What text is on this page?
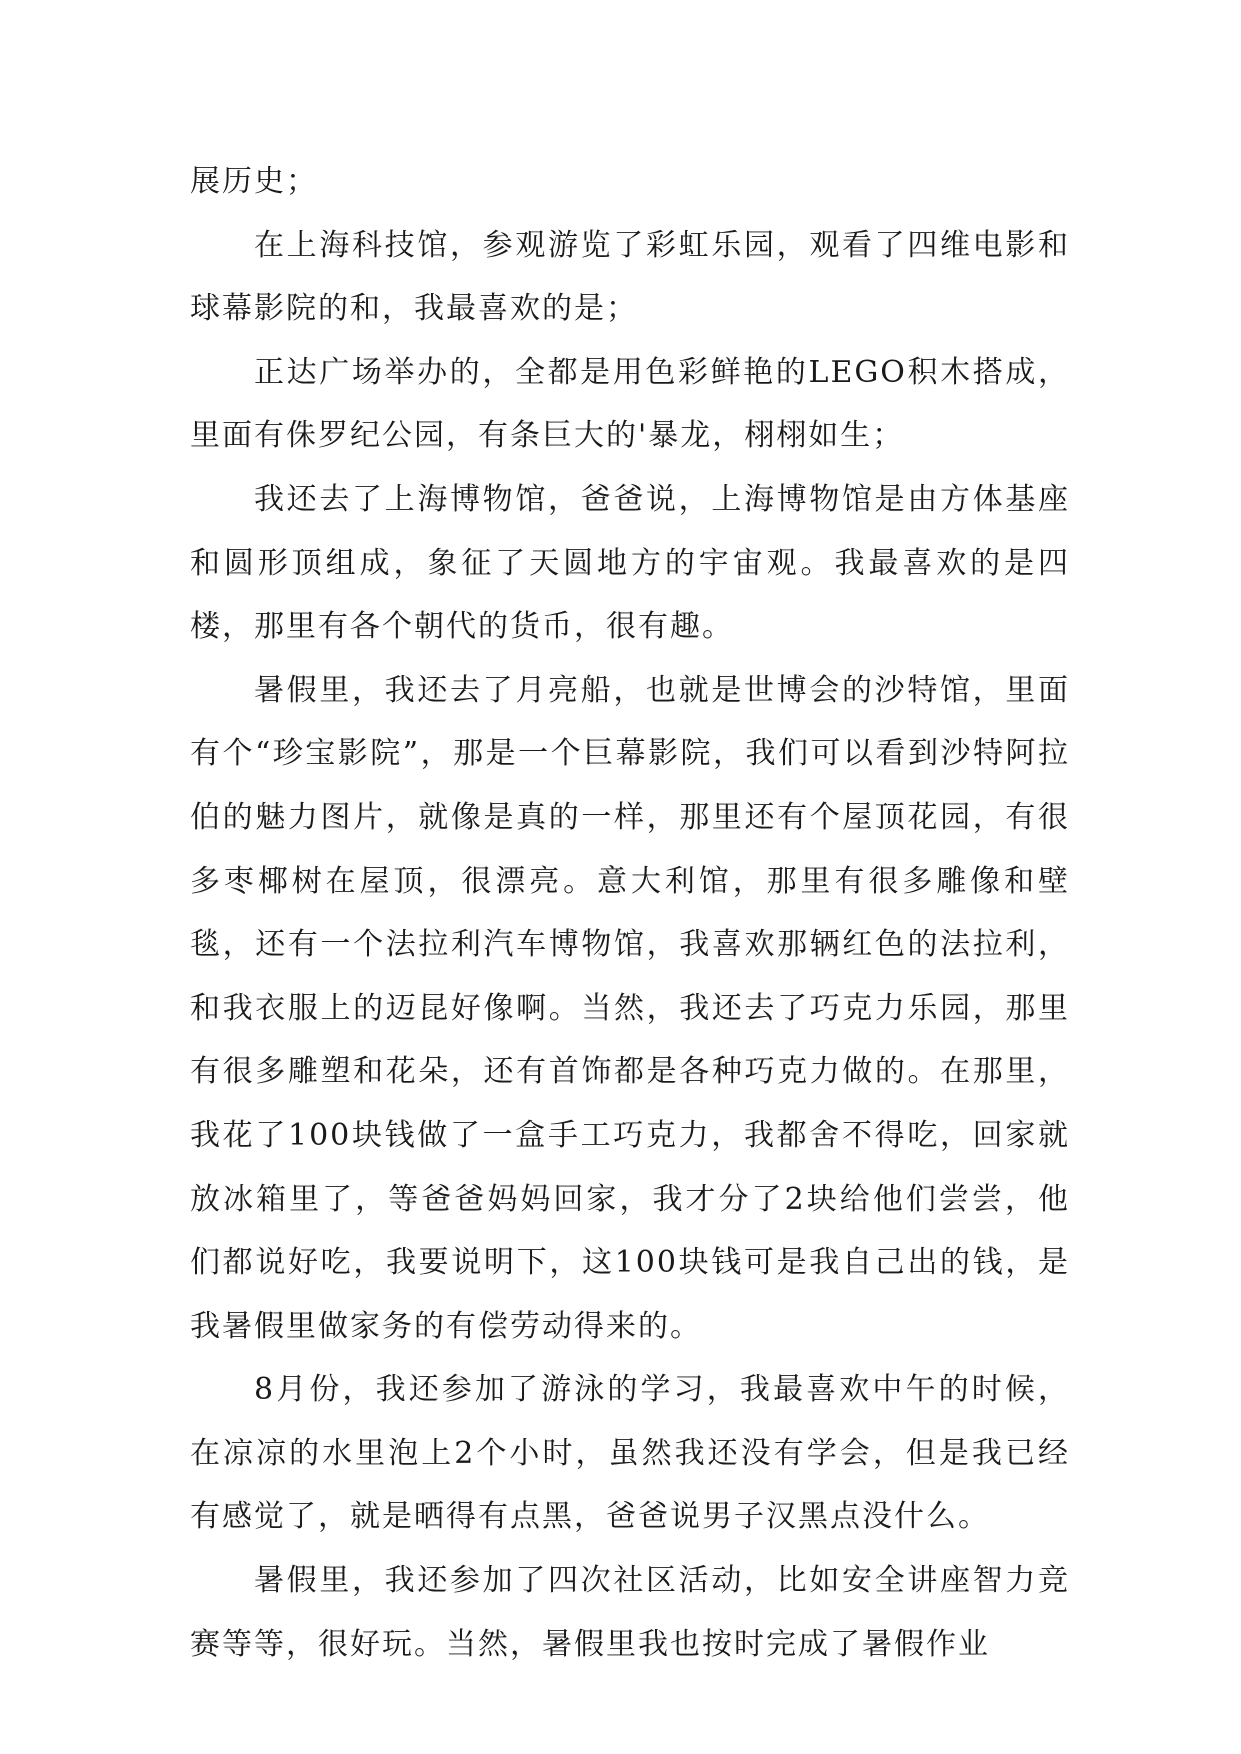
展历史；

在上海科技馆，参观游览了彩虹乐园，观看了四维电影和球幕影院的和，我最喜欢的是；

正达广场举办的，全都是用色彩鲜艳的LEGO积木搭成，里面有侏罗纪公园，有条巨大的'暴龙，栩栩如生；

我还去了上海博物馆，爸爸说，上海博物馆是由方体基座和圆形顶组成，象征了天圆地方的宇宙观。我最喜欢的是四楼，那里有各个朝代的货币，很有趣。

暑假里，我还去了月亮船，也就是世博会的沙特馆，里面有个“珍宝影院”，那是一个巨幕影院，我们可以看到沙特阿拉伯的魅力图片，就像是真的一样，那里还有个屋顶花园，有很多枣椰树在屋顶，很漂亮。意大利馆，那里有很多雕像和壁毯，还有一个法拉利汽车博物馆，我喜欢那辆红色的法拉利，和我衣服上的迈昆好像啊。当然，我还去了巧克力乐园，那里有很多雕塑和花朵，还有首饰都是各种巧克力做的。在那里，我花了100块钱做了一盒手工巧克力，我都舍不得吃，回家就放冰箱里了，等爸爸妈妈回家，我才分了2块给他们尝尝，他们都说好吃，我要说明下，这100块钱可是我自己出的钱，是我暑假里做家务的有偿劳动得来的。

8月份，我还参加了游泳的学习，我最喜欢中午的时候，在凉凉的水里泡上2个小时，虽然我还没有学会，但是我已经有感觉了，就是晒得有点黑，爸爸说男子汉黑点没什么。

暑假里，我还参加了四次社区活动，比如安全讲座智力竞赛等等，很好玩。当然，暑假里我也按时完成了暑假作业
